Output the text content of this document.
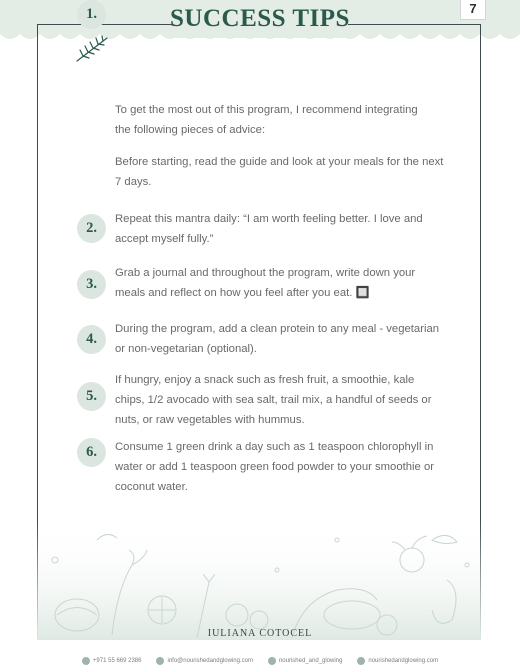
SUCCESS TIPS	7
To get the most out of this program, I recommend integrating the following pieces of advice:
1.
Before starting, read the guide and look at your meals for the next 7 days.
2.
Repeat this mantra daily: “I am worth feeling better. I love and accept myself fully.”
3.
Grab a journal and throughout the program, write down your meals and reflect on how you feel after you eat. 🔲
4.
During the program, add a clean protein to any meal - vegetarian or non-vegetarian (optional).
5.
If hungry, enjoy a snack such as fresh fruit, a smoothie, kale chips, 1/2 avocado with sea salt, trail mix, a handful of seeds or nuts, or raw vegetables with hummus.
6.	Consume 1 green drink a day such as 1 teaspoon chlorophyll in water or add 1 teaspoon green food powder to your smoothie or coconut water.
IULIANA COTOCEL
+971 55 669 2386	info@nourishedandglowing.com	nourished_and_glowing	nourishedandglowing.com
